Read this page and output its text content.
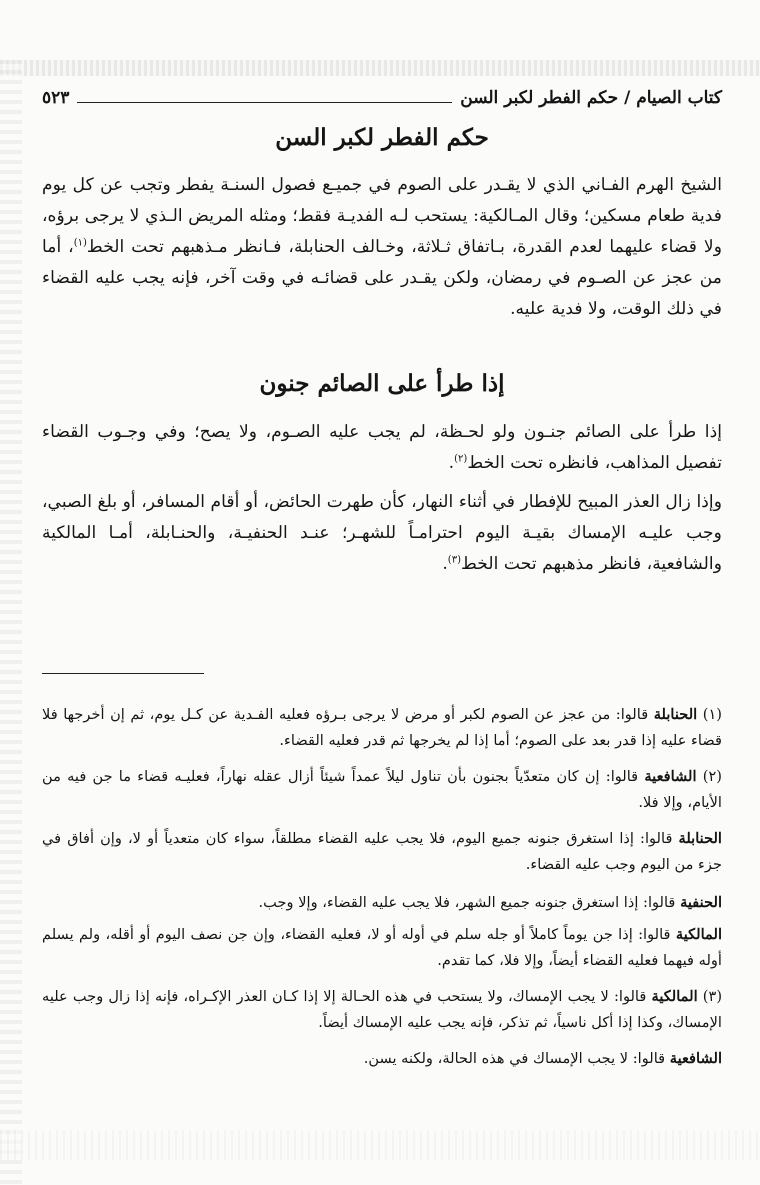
كتاب الصيام / حكم الفطر لكبر السن
٥٢٣
حكم الفطر لكبر السن

الشيخ الهرم الفـاني الذي لا يقـدر على الصوم في جميـع فصول السنـة يفطر وتجب عن كل يوم فدية طعام مسكين؛ وقال المـالكية: يستحب لـه الفديـة فقط؛ ومثله المريض الـذي لا يرجى برؤه، ولا قضاء عليهما لعدم القدرة، بـاتفاق ثـلاثة، وخـالف الحنابلة، فـانظر مـذهبهم تحت الخط$^{(١)}$، أما من عجز عن الصـوم في رمضان، ولكن يقـدر على قضائـه في وقت آخر، فإنه يجب عليه القضاء في ذلك الوقت، ولا فدية عليه.

إذا طرأ على الصائم جنون

إذا طرأ على الصائم جنـون ولو لحـظة، لم يجب عليه الصـوم، ولا يصح؛ وفي وجـوب القضاء تفصيل المذاهب، فانظره تحت الخط$^{(٢)}$.

وإذا زال العذر المبيح للإفطار في أثناء النهار، كأن طهرت الحائض، أو أقام المسافر، أو بلغ الصبي، وجب عليـه الإمساك بقيـة اليوم احترامـاً للشهـر؛ عنـد الحنفيـة، والحنـابلة، أمـا المالكية والشافعية، فانظر مذهبهم تحت الخط$^{(٣)}$.

(١) الحنابلة قالوا: من عجز عن الصوم لكبر أو مرض لا يرجى بـرؤه فعليه الفـدية عن كـل يوم، ثم إن أخرجها فلا قضاء عليه إذا قدر بعد على الصوم؛ أما إذا لم يخرجها ثم قدر فعليه القضاء.

(٢) الشافعية قالوا: إن كان متعدّياً بجنون بأن تناول ليلاً عمداً شيئاً أزال عقله نهاراً، فعليـه قضاء ما جن فيه من الأيام، وإلا فلا.

الحنابلة قالوا: إذا استغرق جنونه جميع اليوم، فلا يجب عليه القضاء مطلقاً، سواء كان متعدياً أو لا، وإن أفاق في جزء من اليوم وجب عليه القضاء.

الحنفية قالوا: إذا استغرق جنونه جميع الشهر، فلا يجب عليه القضاء، وإلا وجب.

المالكية قالوا: إذا جن يوماً كاملاً أو جله سلم في أوله أو لا، فعليه القضاء، وإن جن نصف اليوم أو أقله، ولم يسلم أوله فيهما فعليه القضاء أيضاً، وإلا فلا، كما تقدم.

(٣) المالكية قالوا: لا يجب الإمساك، ولا يستحب في هذه الحـالة إلا إذا كـان العذر الإكـراه، فإنه إذا زال وجب عليه الإمساك، وكذا إذا أكل ناسياً، ثم تذكر، فإنه يجب عليه الإمساك أيضاً.

الشافعية قالوا: لا يجب الإمساك في هذه الحالة، ولكنه يسن.
